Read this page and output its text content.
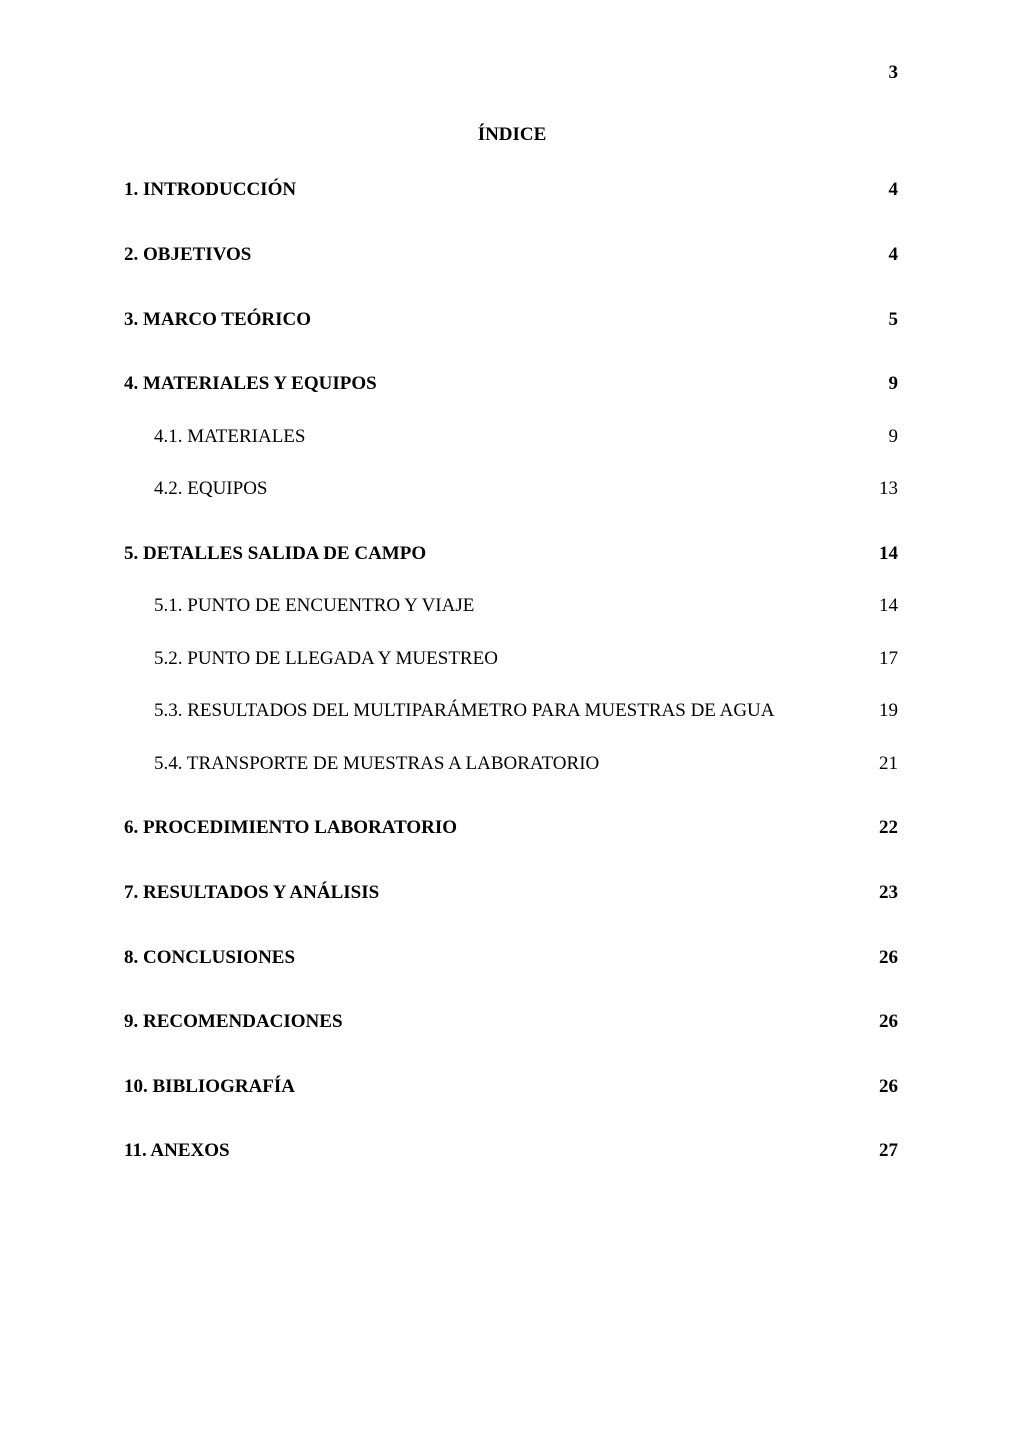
3
ÍNDICE
1. INTRODUCCIÓN	4
2. OBJETIVOS	4
3. MARCO TEÓRICO	5
4. MATERIALES Y EQUIPOS	9
4.1. MATERIALES	9
4.2. EQUIPOS	13
5. DETALLES SALIDA DE CAMPO	14
5.1. PUNTO DE ENCUENTRO Y VIAJE	14
5.2. PUNTO DE LLEGADA Y MUESTREO	17
5.3. RESULTADOS DEL MULTIPARÁMETRO PARA MUESTRAS DE AGUA	19
5.4. TRANSPORTE DE MUESTRAS A LABORATORIO	21
6. PROCEDIMIENTO LABORATORIO	22
7. RESULTADOS Y ANÁLISIS	23
8. CONCLUSIONES	26
9. RECOMENDACIONES	26
10. BIBLIOGRAFÍA	26
11. ANEXOS	27
